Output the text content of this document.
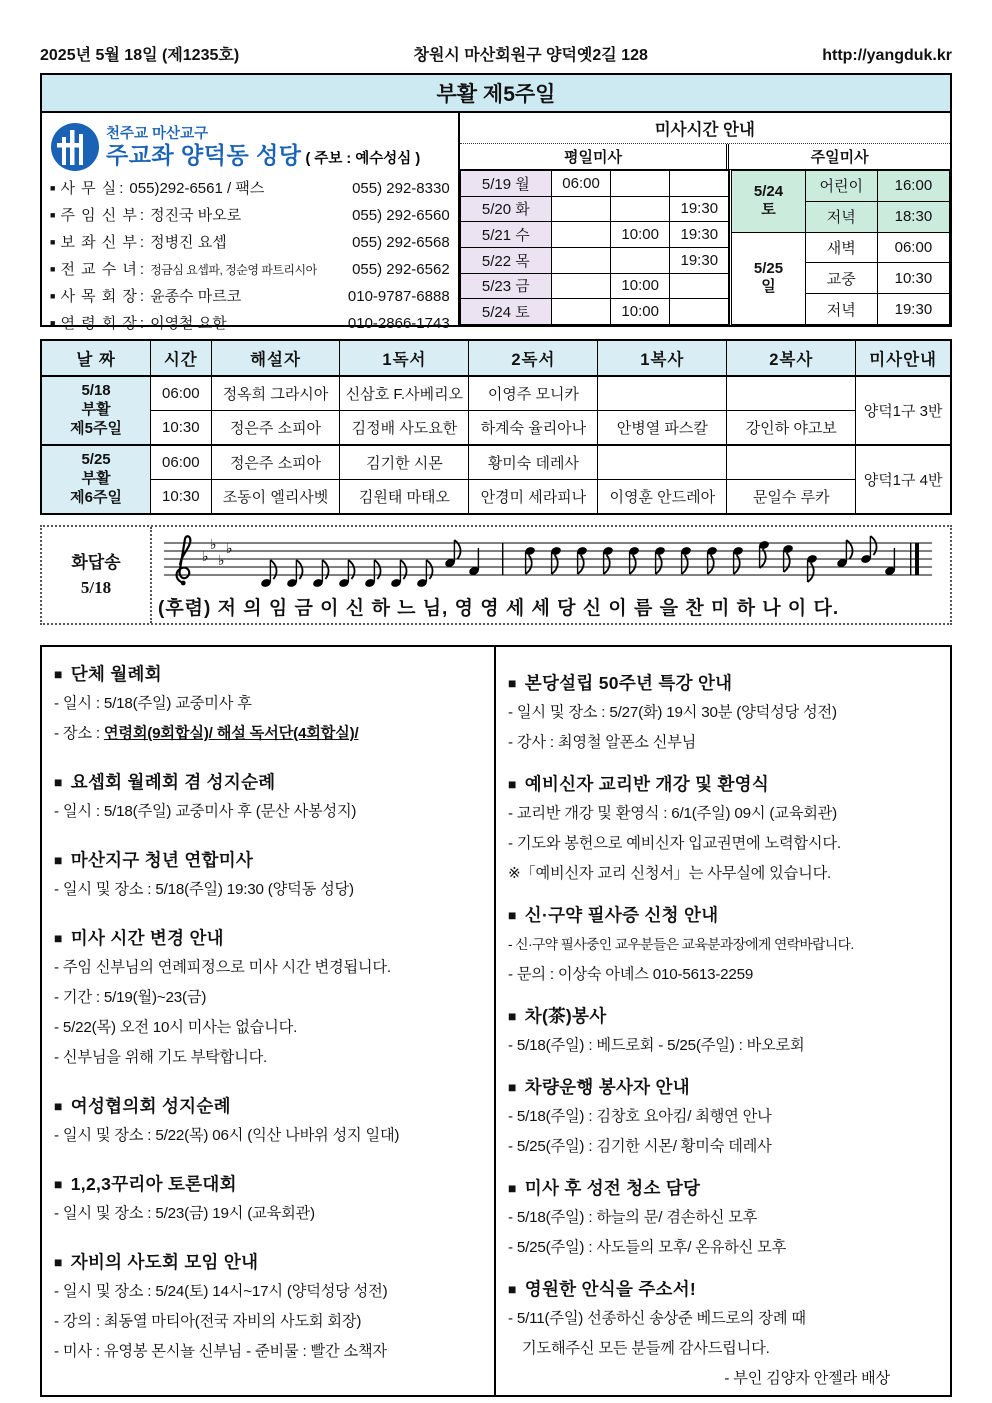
2025년 5월 18일 (제1235호)	창원시 마산회원구 양덕옛2길 128	http://yangduk.kr
부활 제5주일
천주교 마산교구
주교좌 양덕동 성당 ( 주보 : 예수성심 )
■ 사 무 실 : 055)292-6561 / 팩스	055) 292-8330
■ 주 임 신 부 : 정진국 바오로	055) 292-6560
■ 보 좌 신 부 : 정병진 요셉	055) 292-6568
■ 전 교 수 녀 : 정금심 요셉파, 정순영 파트리시아	055) 292-6562
■ 사 목 회 장 : 윤종수 마르코	010-9787-6888
■ 연 령 회 장 : 이영철 요한	010-2866-1743
미사시간 안내
평일미사	주일미사
5/19 월	06:00		
5/20 화			19:30
5/21 수		10:00	19:30
5/22 목			19:30
5/23 금		10:00	
5/24 토		10:00	
5/24
토	어린이	16:00
	저녁	18:30

5/25
일	새벽	06:00
	교중	10:30
	저녁	19:30
날 짜	시간	해설자	1독서	2독서	1복사	2복사	미사안내

5/18
부활
제5주일	06:00	정옥희 그라시아	신삼호 F.사베리오	이영주 모니카			양덕1구 3반
	10:30	정은주 소피아	김정배 사도요한	하계숙 율리아나	안병열 파스칼	강인하 야고보	

5/25
부활
제6주일	06:00	정은주 소피아	김기한 시몬	황미숙 데레사			양덕1구 4반
	10:30	조동이 엘리사벳	김원태 마태오	안경미 세라피나	이영훈 안드레아	문일수 루카	
화답송
5/18
♭
♭
♭
♭
(후렴) 저 의 임 금 이 신 하 느 님, 영 영 세 세 당 신 이 름 을 찬 미 하 나 이 다.
■ 단체 월례회
- 일시 : 5/18(주일) 교중미사 후
- 장소 : 연령회(9회합실)/ 해설 독서단(4회합실)/
■ 요셉회 월례회 겸 성지순례
- 일시 : 5/18(주일) 교중미사 후 (문산 사봉성지)
■ 마산지구 청년 연합미사
- 일시 및 장소 : 5/18(주일) 19:30 (양덕동 성당)
■ 미사 시간 변경 안내
- 주임 신부님의 연례피정으로 미사 시간 변경됩니다.
- 기간 : 5/19(월)~23(금)
- 5/22(목) 오전 10시 미사는 없습니다.
- 신부님을 위해 기도 부탁합니다.
■ 여성협의회 성지순례
- 일시 및 장소 : 5/22(목) 06시 (익산 나바위 성지 일대)
■ 1,2,3꾸리아 토론대회
- 일시 및 장소 : 5/23(금) 19시 (교육회관)
■ 자비의 사도회 모임 안내
- 일시 및 장소 : 5/24(토) 14시~17시 (양덕성당 성전)
- 강의 : 최동열 마티아(전국 자비의 사도회 회장)
- 미사 : 유영봉 몬시뇰 신부님 - 준비물 : 빨간 소책자
■ 본당설립 50주년 특강 안내
- 일시 및 장소 : 5/27(화) 19시 30분 (양덕성당 성전)
- 강사 : 최영철 알폰소 신부님
■ 예비신자 교리반 개강 및 환영식
- 교리반 개강 및 환영식 : 6/1(주일) 09시 (교육회관)
- 기도와 봉헌으로 예비신자 입교권면에 노력합시다.
※「예비신자 교리 신청서」는 사무실에 있습니다.
■ 신·구약 필사증 신청 안내
- 신·구약 필사중인 교우분들은 교육분과장에게 연락바랍니다.
- 문의 : 이상숙 아녜스 010-5613-2259
■ 차(茶)봉사
- 5/18(주일) : 베드로회 - 5/25(주일) : 바오로회
■ 차량운행 봉사자 안내
- 5/18(주일) : 김창호 요아킴/ 최행연 안나
- 5/25(주일) : 김기한 시몬/ 황미숙 데레사
■ 미사 후 성전 청소 담당
- 5/18(주일) : 하늘의 문/ 겸손하신 모후
- 5/25(주일) : 사도들의 모후/ 온유하신 모후
■ 영원한 안식을 주소서!
- 5/11(주일) 선종하신 송상준 베드로의 장례 때
기도해주신 모든 분들께 감사드립니다.
- 부인 김양자 안젤라 배상
